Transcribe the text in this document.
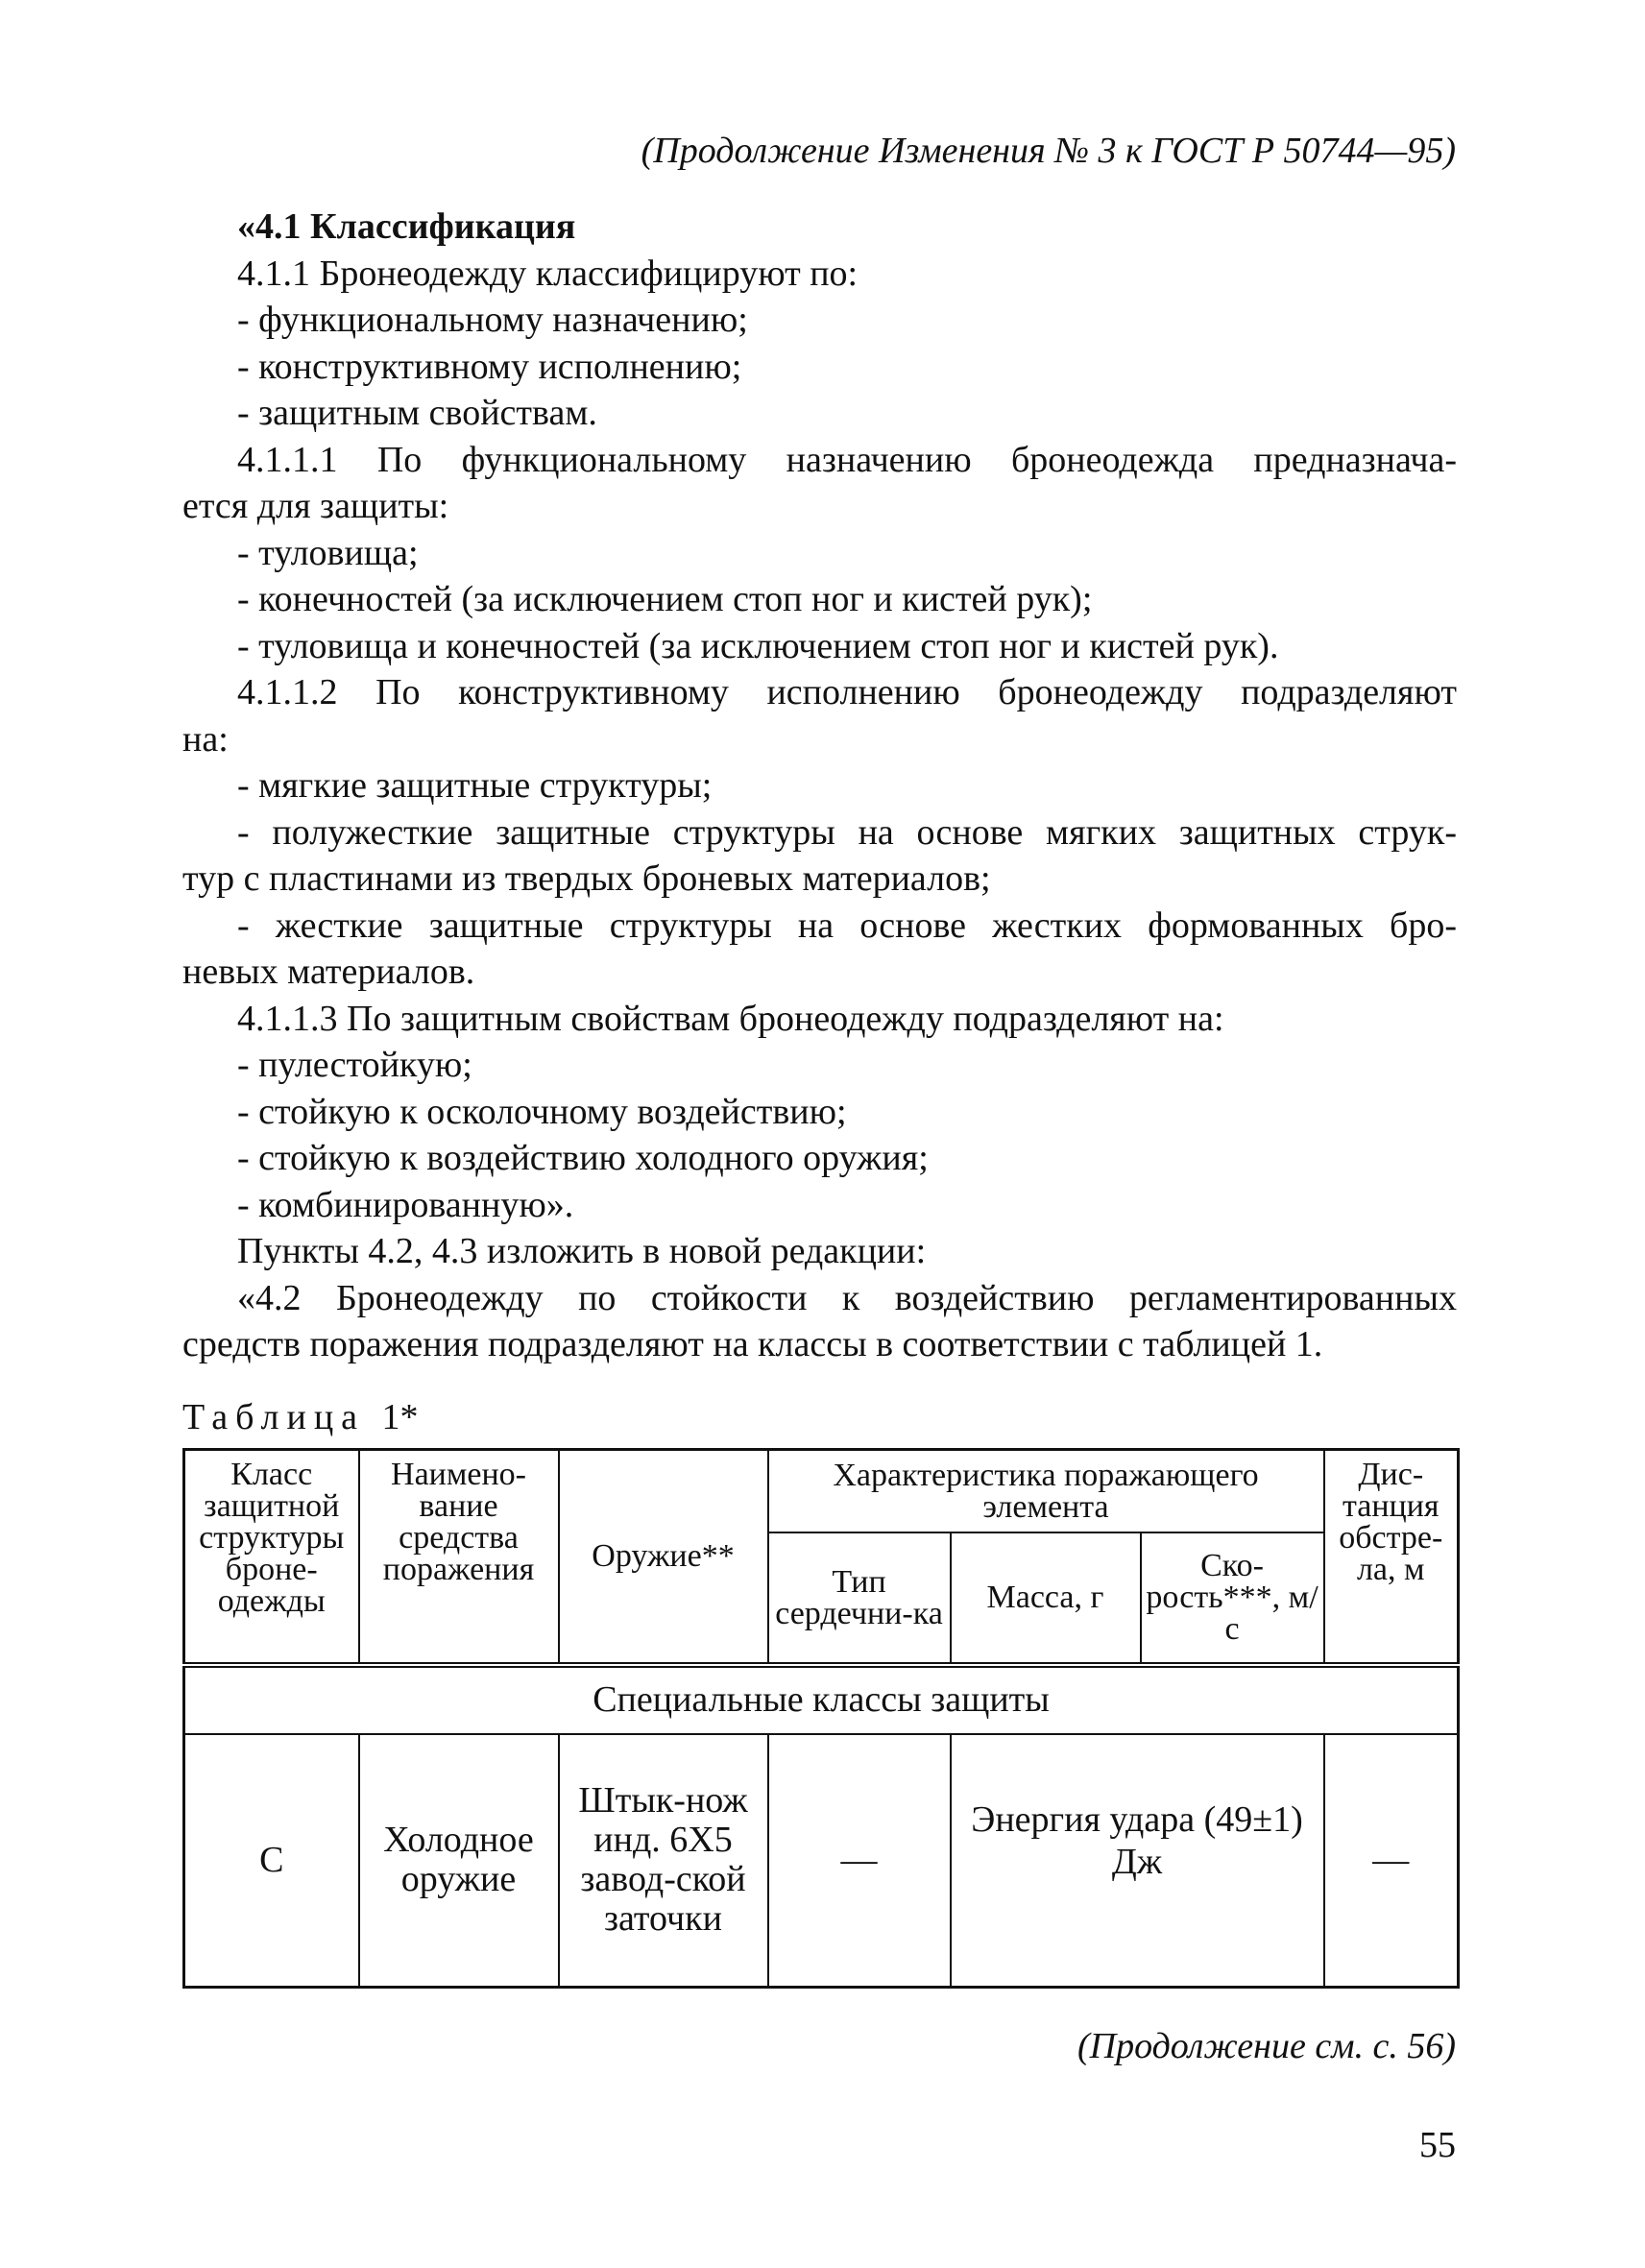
(Продолжение Изменения № 3 к ГОСТ Р 50744—95)
«4.1 Классификация
4.1.1 Бронеодежду классифицируют по:
- функциональному назначению;
- конструктивному исполнению;
- защитным свойствам.
4.1.1.1 По функциональному назначению бронеодежда предназнача-
ется для защиты:
- туловища;
- конечностей (за исключением стоп ног и кистей рук);
- туловища и конечностей (за исключением стоп ног и кистей рук).
4.1.1.2 По конструктивному исполнению бронеодежду подразделяют
на:
- мягкие защитные структуры;
- полужесткие защитные структуры на основе мягких защитных струк-
тур с пластинами из твердых броневых материалов;
- жесткие защитные структуры на основе жестких формованных бро-
невых материалов.
4.1.1.3 По защитным свойствам бронеодежду подразделяют на:
- пулестойкую;
- стойкую к осколочному воздействию;
- стойкую к воздействию холодного оружия;
- комбинированную».
Пункты 4.2, 4.3 изложить в новой редакции:
«4.2 Бронеодежду по стойкости к воздействию регламентированных
средств поражения подразделяют на классы в соответствии с таблицей 1.
Таблица 1*
Класс защитной структуры броне-одежды	Наимено-вание средства поражения	Оружие**	Характеристика поражающего элемента			Дис-танция обстре-ла, м
			Тип сердечни-ка	Масса, г	Ско-рость***, м/с	
Специальные классы защиты						
С	Холодное оружие	Штык-нож инд. 6Х5 завод-ской заточки	—	Энергия удара (49±1) Дж		—
(Продолжение см. с. 56)
55
